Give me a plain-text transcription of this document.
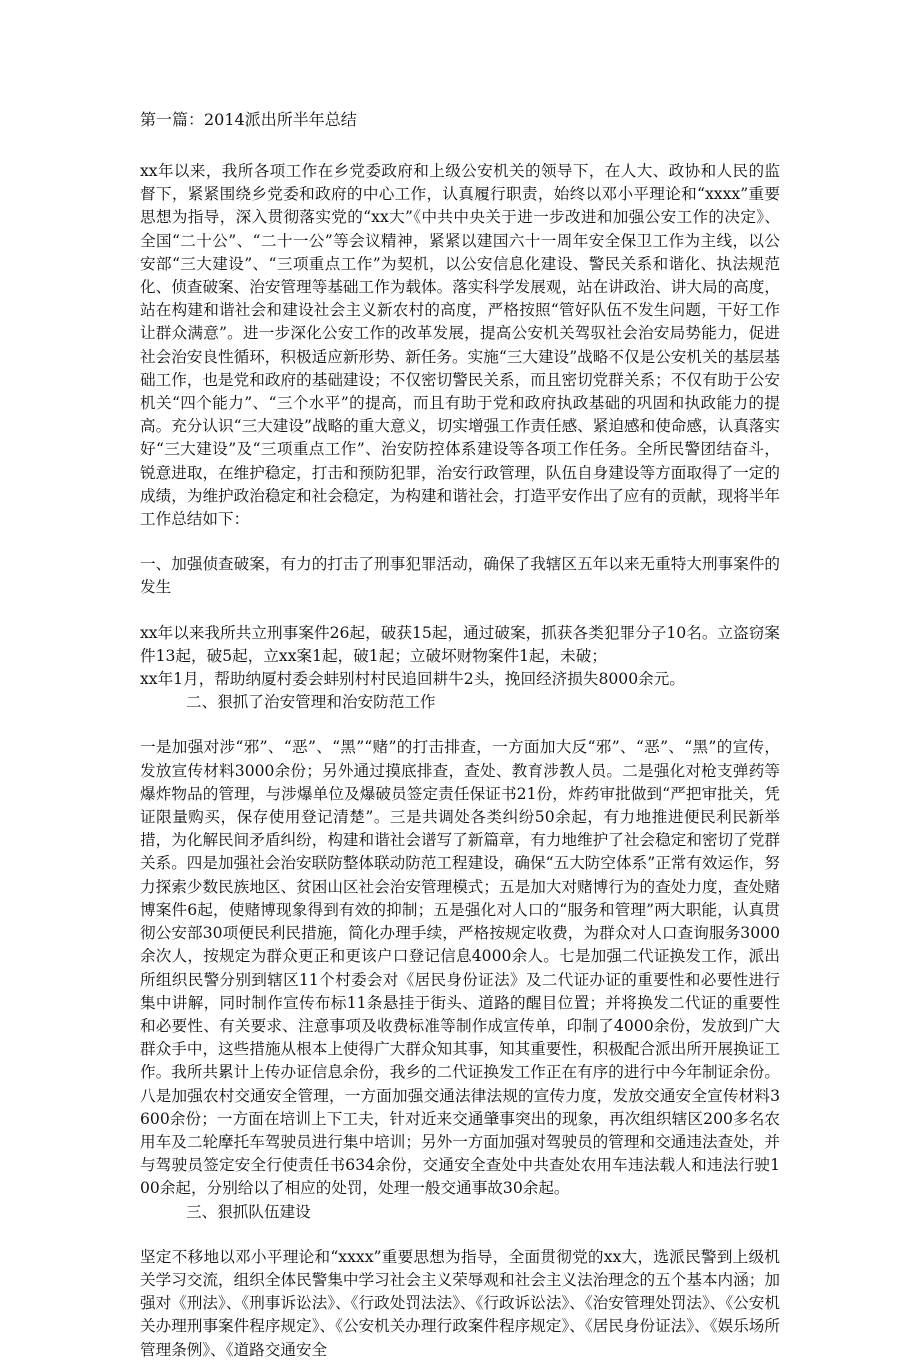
第一篇：2014派出所半年总结

xx年以来，我所各项工作在乡党委政府和上级公安机关的领导下，在人大、政协和人民的监督下，紧紧围绕乡党委和政府的中心工作，认真履行职责，始终以邓小平理论和“xxxx”重要思想为指导，深入贯彻落实党的“xx大”《中共中央关于进一步改进和加强公安工作的决定》、全国“二十公”、“二十一公”等会议精神，紧紧以建国六十一周年安全保卫工作为主线，以公安部“三大建设”、“三项重点工作”为契机，以公安信息化建设、警民关系和谐化、执法规范化、侦查破案、治安管理等基础工作为载体。落实科学发展观，站在讲政治、讲大局的高度，站在构建和谐社会和建设社会主义新农村的高度，严格按照“管好队伍不发生问题，干好工作让群众满意”。进一步深化公安工作的改革发展，提高公安机关驾驭社会治安局势能力，促进社会治安良性循环，积极适应新形势、新任务。实施“三大建设”战略不仅是公安机关的基层基础工作，也是党和政府的基础建设；不仅密切警民关系，而且密切党群关系；不仅有助于公安机关“四个能力”、“三个水平”的提高，而且有助于党和政府执政基础的巩固和执政能力的提高。充分认识“三大建设”战略的重大意义，切实增强工作责任感、紧迫感和使命感，认真落实好“三大建设”及“三项重点工作”、治安防控体系建设等各项工作任务。全所民警团结奋斗，锐意进取，在维护稳定，打击和预防犯罪，治安行政管理，队伍自身建设等方面取得了一定的成绩，为维护政治稳定和社会稳定，为构建和谐社会，打造平安作出了应有的贡献，现将半年工作总结如下：

一、加强侦查破案，有力的打击了刑事犯罪活动，确保了我辖区五年以来无重特大刑事案件的发生

xx年以来我所共立刑事案件26起，破获15起，通过破案，抓获各类犯罪分子10名。立盗窃案件13起，破5起，立xx案1起，破1起；立破坏财物案件1起，未破；

xx年1月，帮助纳厦村委会蚌别村村民追回耕牛2头，挽回经济损失8000余元。

二、狠抓了治安管理和治安防范工作

一是加强对涉“邪”、“恶”、“黑”“赌”的打击排查，一方面加大反“邪”、“恶”、“黑”的宣传，发放宣传材料3000余份；另外通过摸底排查，查处、教育涉教人员。二是强化对枪支弹药等爆炸物品的管理，与涉爆单位及爆破员签定责任保证书21份，炸药审批做到“严把审批关，凭证限量购买，保存使用登记清楚”。三是共调处各类纠纷50余起，有力地推进便民利民新举措，为化解民间矛盾纠纷，构建和谐社会谱写了新篇章，有力地维护了社会稳定和密切了党群关系。四是加强社会治安联防整体联动防范工程建设，确保“五大防空体系”正常有效运作，努力探索少数民族地区、贫困山区社会治安管理模式；五是加大对赌博行为的查处力度，查处赌博案件6起，使赌博现象得到有效的抑制；五是强化对人口的“服务和管理”两大职能，认真贯彻公安部30项便民利民措施，简化办理手续，严格按规定收费，为群众对人口查询服务3000余次人，按规定为群众更正和更该户口登记信息4000余人。七是加强二代证换发工作，派出所组织民警分别到辖区11个村委会对《居民身份证法》及二代证办证的重要性和必要性进行集中讲解，同时制作宣传布标11条悬挂于街头、道路的醒目位置；并将换发二代证的重要性和必要性、有关要求、注意事项及收费标准等制作成宣传单，印制了4000余份，发放到广大群众手中，这些措施从根本上使得广大群众知其事，知其重要性，积极配合派出所开展换证工作。我所共累计上传办证信息余份，我乡的二代证换发工作正在有序的进行中今年制证余份。八是加强农村交通安全管理，一方面加强交通法律法规的宣传力度，发放交通安全宣传材料3600余份；一方面在培训上下工夫，针对近来交通肇事突出的现象，再次组织辖区200多名农用车及二轮摩托车驾驶员进行集中培训；另外一方面加强对驾驶员的管理和交通违法查处，并与驾驶员签定安全行使责任书634余份，交通安全查处中共查处农用车违法载人和违法行驶100余起，分别给以了相应的处罚，处理一般交通事故30余起。

三、狠抓队伍建设

坚定不移地以邓小平理论和“xxxx”重要思想为指导，全面贯彻党的xx大，选派民警到上级机关学习交流，组织全体民警集中学习社会主义荣辱观和社会主义法治理念的五个基本内涵；加强对《刑法》、《刑事诉讼法》、《行政处罚法法》、《行政诉讼法》、《治安管理处罚法》、《公安机关办理刑事案件程序规定》、《公安机关办理行政案件程序规定》、《居民身份证法》、《娱乐场所管理条例》、《道路交通安全
